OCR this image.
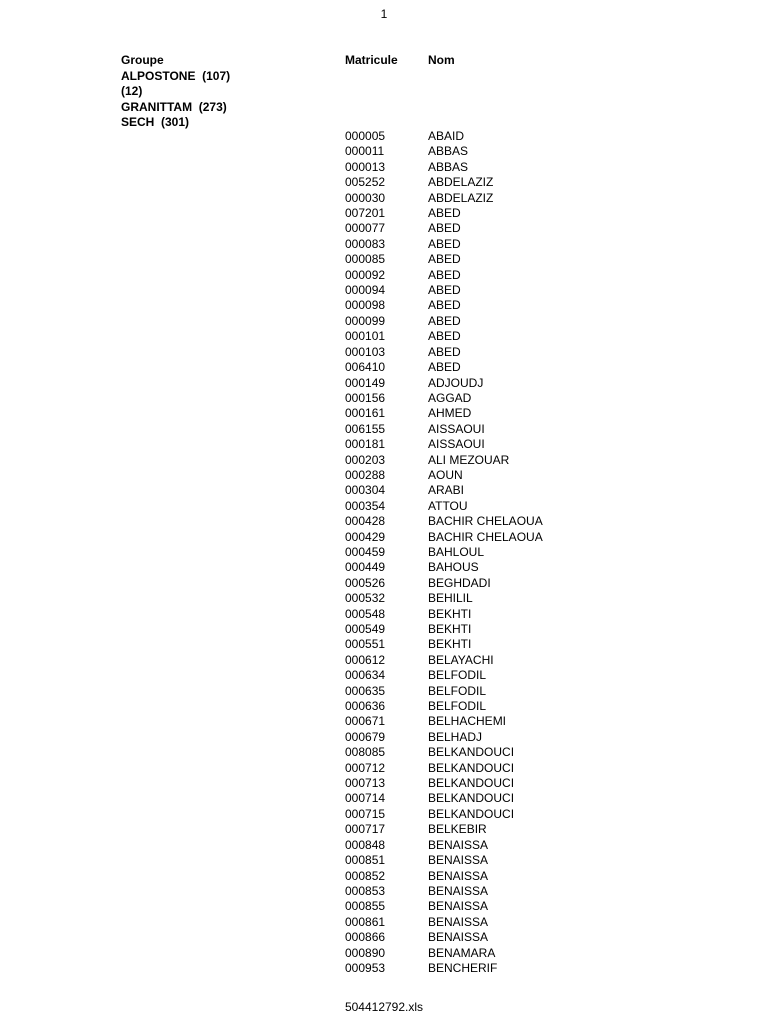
1
Groupe
ALPOSTONE  (107)
(12)
GRANITTAM  (273)
SECH  (301)
Matricule	Nom
000005	ABAID
000011	ABBAS
000013	ABBAS
005252	ABDELAZIZ
000030	ABDELAZIZ
007201	ABED
000077	ABED
000083	ABED
000085	ABED
000092	ABED
000094	ABED
000098	ABED
000099	ABED
000101	ABED
000103	ABED
006410	ABED
000149	ADJOUDJ
000156	AGGAD
000161	AHMED
006155	AISSAOUI
000181	AISSAOUI
000203	ALI MEZOUAR
000288	AOUN
000304	ARABI
000354	ATTOU
000428	BACHIR CHELAOUA
000429	BACHIR CHELAOUA
000459	BAHLOUL
000449	BAHOUS
000526	BEGHDADI
000532	BEHILIL
000548	BEKHTI
000549	BEKHTI
000551	BEKHTI
000612	BELAYACHI
000634	BELFODIL
000635	BELFODIL
000636	BELFODIL
000671	BELHACHEMI
000679	BELHADJ
008085	BELKANDOUCI
000712	BELKANDOUCI
000713	BELKANDOUCI
000714	BELKANDOUCI
000715	BELKANDOUCI
000717	BELKEBIR
000848	BENAISSA
000851	BENAISSA
000852	BENAISSA
000853	BENAISSA
000855	BENAISSA
000861	BENAISSA
000866	BENAISSA
000890	BENAMARA
000953	BENCHERIF
504412792.xls
